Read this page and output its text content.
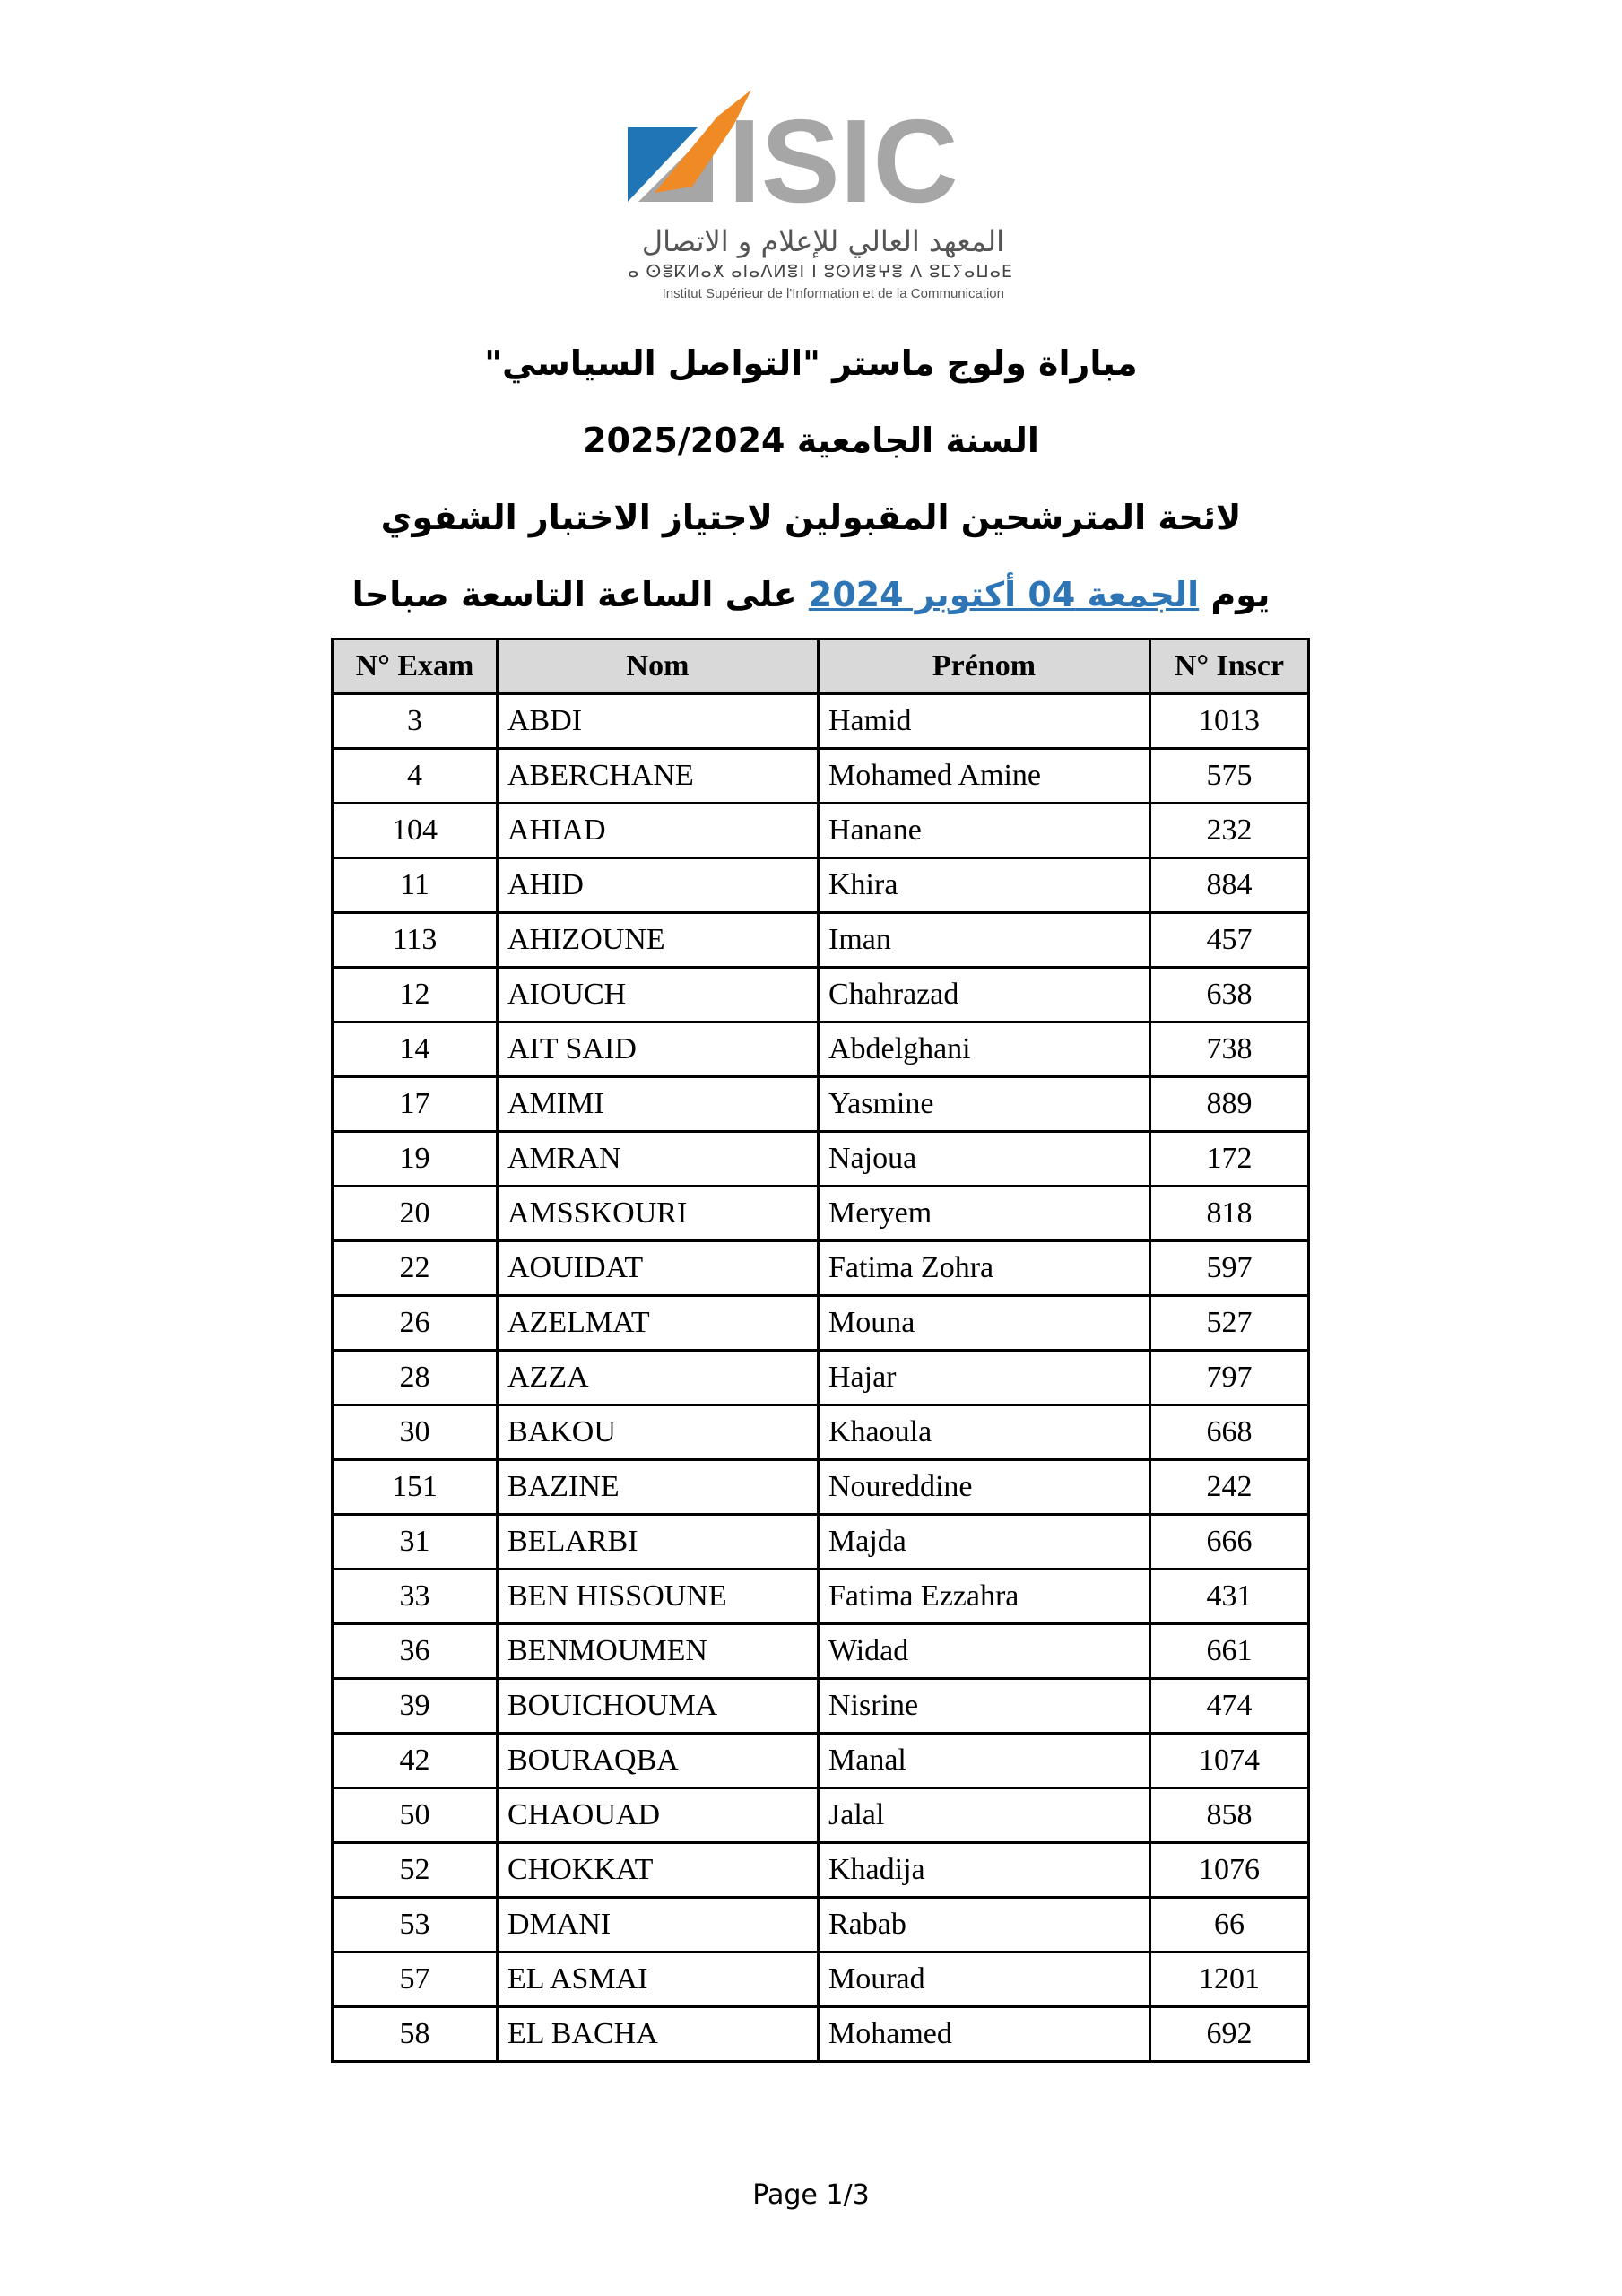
ISIC
المعهد العالي للإعلام و الاتصال
ⴰ ⵙⴻⴽⵍⴰⵅ ⴰⵏⴰⴷⵍⴻⵏ ⵏ ⵓⵙⵍⴻⵖⴻ ⴷ ⵓⵎⵢⴰⵡⴰⴹ
Institut Supérieur de l'Information et de la Communication
مباراة ولوج ماستر "التواصل السياسي"
السنة الجامعية 2025/2024
لائحة المترشحين المقبولين لاجتياز الاختبار الشفوي
يوم الجمعة 04 أكتوبر 2024 على الساعة التاسعة صباحا
N° Exam	Nom	Prénom	N° Inscr
3	ABDI	Hamid	1013
4	ABERCHANE	Mohamed Amine	575
104	AHIAD	Hanane	232
11	AHID	Khira	884
113	AHIZOUNE	Iman	457
12	AIOUCH	Chahrazad	638
14	AIT SAID	Abdelghani	738
17	AMIMI	Yasmine	889
19	AMRAN	Najoua	172
20	AMSSKOURI	Meryem	818
22	AOUIDAT	Fatima Zohra	597
26	AZELMAT	Mouna	527
28	AZZA	Hajar	797
30	BAKOU	Khaoula	668
151	BAZINE	Noureddine	242
31	BELARBI	Majda	666
33	BEN HISSOUNE	Fatima Ezzahra	431
36	BENMOUMEN	Widad	661
39	BOUICHOUMA	Nisrine	474
42	BOURAQBA	Manal	1074
50	CHAOUAD	Jalal	858
52	CHOKKAT	Khadija	1076
53	DMANI	Rabab	66
57	EL ASMAI	Mourad	1201
58	EL BACHA	Mohamed	692
Page 1/3
